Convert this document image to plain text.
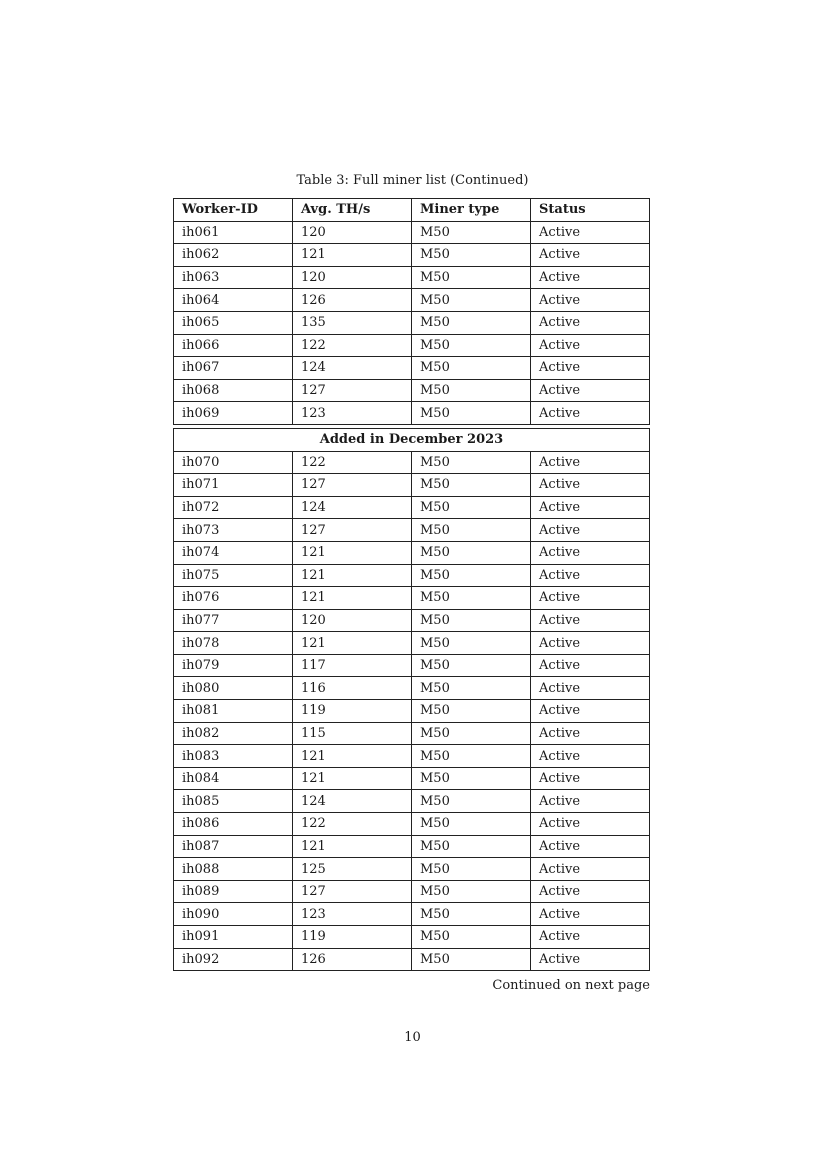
Table 3: Full miner list (Continued)
Worker-ID	Avg. TH/s	Miner type	Status
ih061	120	M50	Active
ih062	121	M50	Active
ih063	120	M50	Active
ih064	126	M50	Active
ih065	135	M50	Active
ih066	122	M50	Active
ih067	124	M50	Active
ih068	127	M50	Active
ih069	123	M50	Active

Added in December 2023			
ih070	122	M50	Active
ih071	127	M50	Active
ih072	124	M50	Active
ih073	127	M50	Active
ih074	121	M50	Active
ih075	121	M50	Active
ih076	121	M50	Active
ih077	120	M50	Active
ih078	121	M50	Active
ih079	117	M50	Active
ih080	116	M50	Active
ih081	119	M50	Active
ih082	115	M50	Active
ih083	121	M50	Active
ih084	121	M50	Active
ih085	124	M50	Active
ih086	122	M50	Active
ih087	121	M50	Active
ih088	125	M50	Active
ih089	127	M50	Active
ih090	123	M50	Active
ih091	119	M50	Active
ih092	126	M50	Active
Continued on next page
10
